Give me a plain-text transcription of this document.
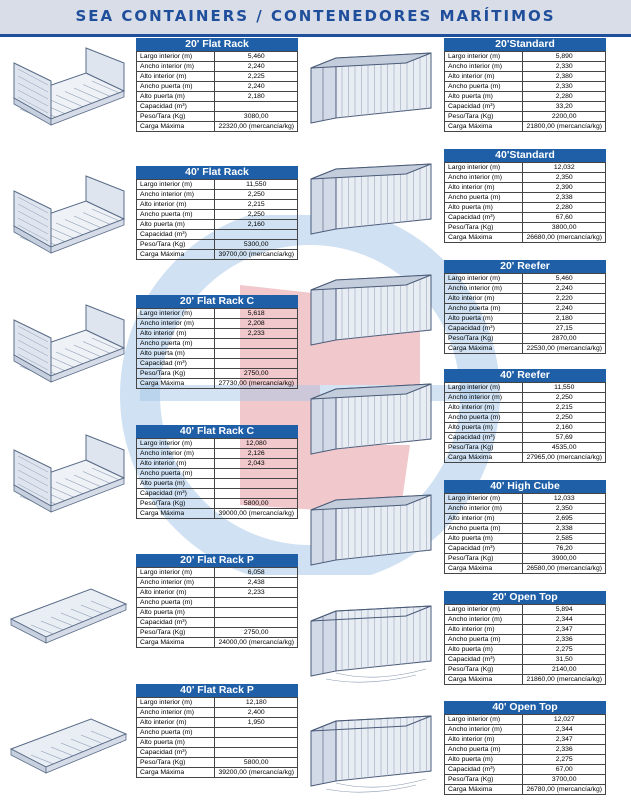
SEA CONTAINERS / CONTENEDORES MARÍTIMOS
20' Flat Rack
Largo interior (m)	5,460
Ancho interior (m)	2,240
Alto interior (m)	2,225
Ancho puerta (m)	2,240
Alto puerta (m)	2,180
Capacidad (m³)	
Peso/Tara (Kg)	3080,00
Carga Máxima	22320,00 (mercancía/kg)
40' Flat Rack
Largo interior (m)	11,550
Ancho interior (m)	2,250
Alto interior (m)	2,215
Ancho puerta (m)	2,250
Alto puerta (m)	2,160
Capacidad (m³)	
Peso/Tara (Kg)	5300,00
Carga Máxima	39700,00 (mercancía/kg)
20' Flat Rack C
Largo interior (m)	5,618
Ancho interior (m)	2,208
Alto interior (m)	2,233
Ancho puerta (m)	
Alto puerta (m)	
Capacidad (m³)	
Peso/Tara (Kg)	2750,00
Carga Máxima	27730,00 (mercancía/kg)
40' Flat Rack C
Largo interior (m)	12,080
Ancho interior (m)	2,126
Alto interior (m)	2,043
Ancho puerta (m)	
Alto puerta (m)	
Capacidad (m³)	
Peso/Tara (Kg)	5800,00
Carga Máxima	39000,00 (mercancía/kg)
20' Flat Rack P
Largo interior (m)	6,058
Ancho interior (m)	2,438
Alto interior (m)	2,233
Ancho puerta (m)	
Alto puerta (m)	
Capacidad (m³)	
Peso/Tara (Kg)	2750,00
Carga Máxima	24000,00 (mercancía/kg)
40' Flat Rack P
Largo interior (m)	12,180
Ancho interior (m)	2,400
Alto interior (m)	1,950
Ancho puerta (m)	
Alto puerta (m)	
Capacidad (m³)	
Peso/Tara (Kg)	5800,00
Carga Máxima	39200,00 (mercancía/kg)
20'Standard
Largo interior (m)	5,890
Ancho interior (m)	2,330
Alto interior (m)	2,380
Ancho puerta (m)	2,330
Alto puerta (m)	2,280
Capacidad (m³)	33,20
Peso/Tara (Kg)	2200,00
Carga Máxima	21800,00 (mercancía/kg)
40'Standard
Largo interior (m)	12,032
Ancho interior (m)	2,350
Alto interior (m)	2,390
Ancho puerta (m)	2,338
Alto puerta (m)	2,280
Capacidad (m³)	67,60
Peso/Tara (Kg)	3800,00
Carga Máxima	26680,00 (mercancía/kg)
20' Reefer
Largo interior (m)	5,460
Ancho interior (m)	2,240
Alto interior (m)	2,220
Ancho puerta (m)	2,240
Alto puerta (m)	2,180
Capacidad (m³)	27,15
Peso/Tara (Kg)	2870,00
Carga Máxima	22530,00 (mercancía/kg)
40' Reefer
Largo interior (m)	11,550
Ancho interior (m)	2,250
Alto interior (m)	2,215
Ancho puerta (m)	2,250
Alto puerta (m)	2,160
Capacidad (m³)	57,69
Peso/Tara (Kg)	4535,00
Carga Máxima	27965,00 (mercancía/kg)
40' High Cube
Largo interior (m)	12,033
Ancho interior (m)	2,350
Alto interior (m)	2,695
Ancho puerta (m)	2,338
Alto puerta (m)	2,585
Capacidad (m³)	76,20
Peso/Tara (Kg)	3900,00
Carga Máxima	26580,00 (mercancía/kg)
20' Open Top
Largo interior (m)	5,894
Ancho interior (m)	2,344
Alto interior (m)	2,347
Ancho puerta (m)	2,336
Alto puerta (m)	2,275
Capacidad (m³)	31,50
Peso/Tara (Kg)	2140,00
Carga Máxima	21860,00 (mercancía/kg)
40' Open Top
Largo interior (m)	12,027
Ancho interior (m)	2,344
Alto interior (m)	2,347
Ancho puerta (m)	2,336
Alto puerta (m)	2,275
Capacidad (m³)	67,00
Peso/Tara (Kg)	3700,00
Carga Máxima	26780,00 (mercancía/kg)
